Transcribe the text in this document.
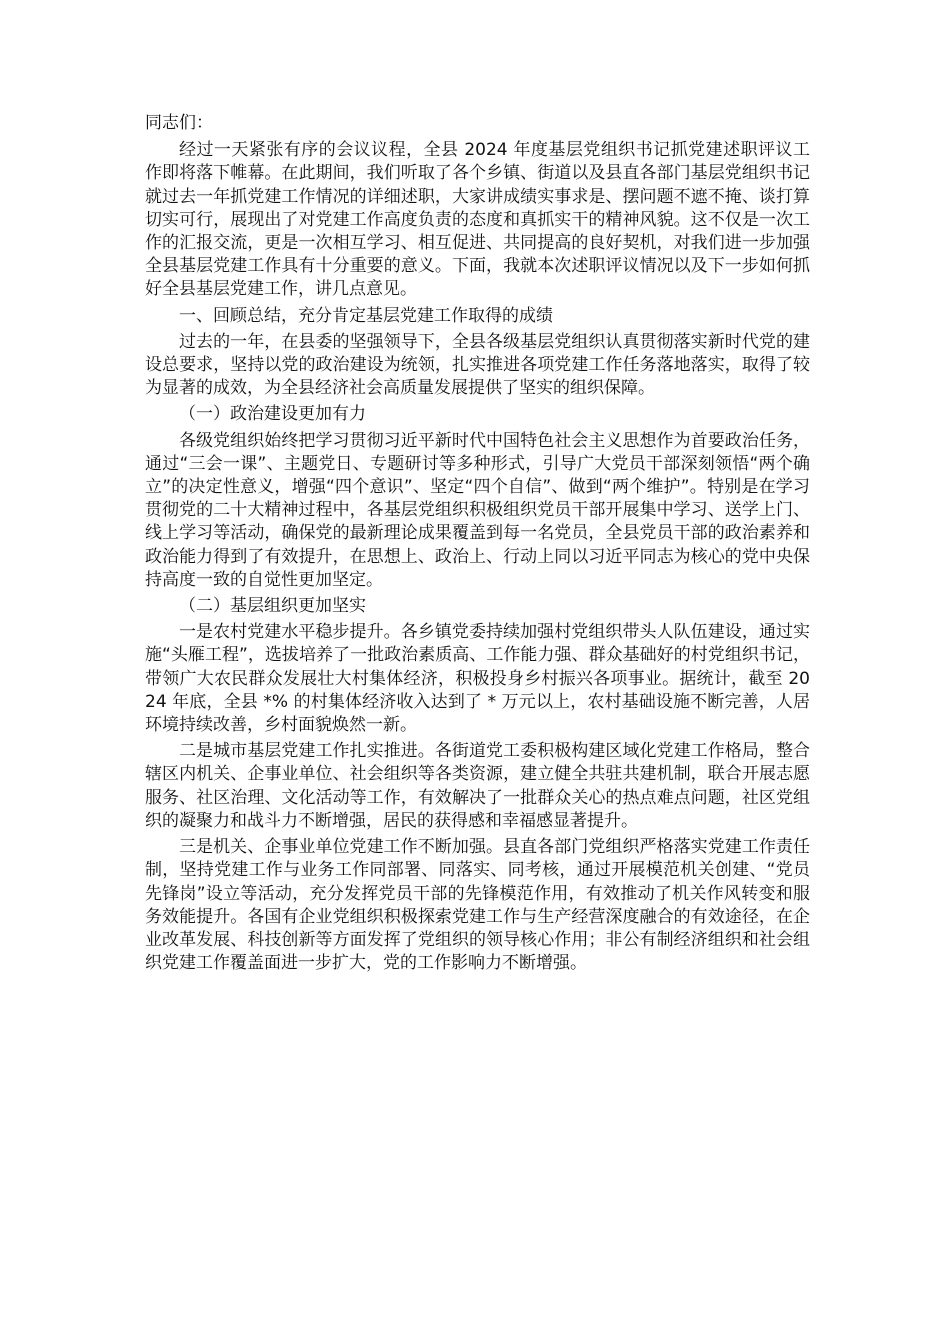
同志们：

经过一天紧张有序的会议议程，全县 2024 年度基层党组织书记抓党建述职评议工作即将落下帷幕。在此期间，我们听取了各个乡镇、街道以及县直各部门基层党组织书记就过去一年抓党建工作情况的详细述职，大家讲成绩实事求是、摆问题不遮不掩、谈打算切实可行，展现出了对党建工作高度负责的态度和真抓实干的精神风貌。这不仅是一次工作的汇报交流，更是一次相互学习、相互促进、共同提高的良好契机，对我们进一步加强全县基层党建工作具有十分重要的意义。下面，我就本次述职评议情况以及下一步如何抓好全县基层党建工作，讲几点意见。

一、回顾总结，充分肯定基层党建工作取得的成绩

过去的一年，在县委的坚强领导下，全县各级基层党组织认真贯彻落实新时代党的建设总要求，坚持以党的政治建设为统领，扎实推进各项党建工作任务落地落实，取得了较为显著的成效，为全县经济社会高质量发展提供了坚实的组织保障。

（一）政治建设更加有力

各级党组织始终把学习贯彻习近平新时代中国特色社会主义思想作为首要政治任务，通过“三会一课”、主题党日、专题研讨等多种形式，引导广大党员干部深刻领悟“两个确立”的决定性意义，增强“四个意识”、坚定“四个自信”、做到“两个维护”。特别是在学习贯彻党的二十大精神过程中，各基层党组织积极组织党员干部开展集中学习、送学上门、线上学习等活动，确保党的最新理论成果覆盖到每一名党员，全县党员干部的政治素养和政治能力得到了有效提升，在思想上、政治上、行动上同以习近平同志为核心的党中央保持高度一致的自觉性更加坚定。

（二）基层组织更加坚实

一是农村党建水平稳步提升。各乡镇党委持续加强村党组织带头人队伍建设，通过实施“头雁工程”，选拔培养了一批政治素质高、工作能力强、群众基础好的村党组织书记，带领广大农民群众发展壮大村集体经济，积极投身乡村振兴各项事业。据统计，截至 2024 年底，全县 *% 的村集体经济收入达到了 * 万元以上，农村基础设施不断完善，人居环境持续改善，乡村面貌焕然一新。

二是城市基层党建工作扎实推进。各街道党工委积极构建区域化党建工作格局，整合辖区内机关、企事业单位、社会组织等各类资源，建立健全共驻共建机制，联合开展志愿服务、社区治理、文化活动等工作，有效解决了一批群众关心的热点难点问题，社区党组织的凝聚力和战斗力不断增强，居民的获得感和幸福感显著提升。

三是机关、企事业单位党建工作不断加强。县直各部门党组织严格落实党建工作责任制，坚持党建工作与业务工作同部署、同落实、同考核，通过开展模范机关创建、“党员先锋岗”设立等活动，充分发挥党员干部的先锋模范作用，有效推动了机关作风转变和服务效能提升。各国有企业党组织积极探索党建工作与生产经营深度融合的有效途径，在企业改革发展、科技创新等方面发挥了党组织的领导核心作用；非公有制经济组织和社会组织党建工作覆盖面进一步扩大，党的工作影响力不断增强。
